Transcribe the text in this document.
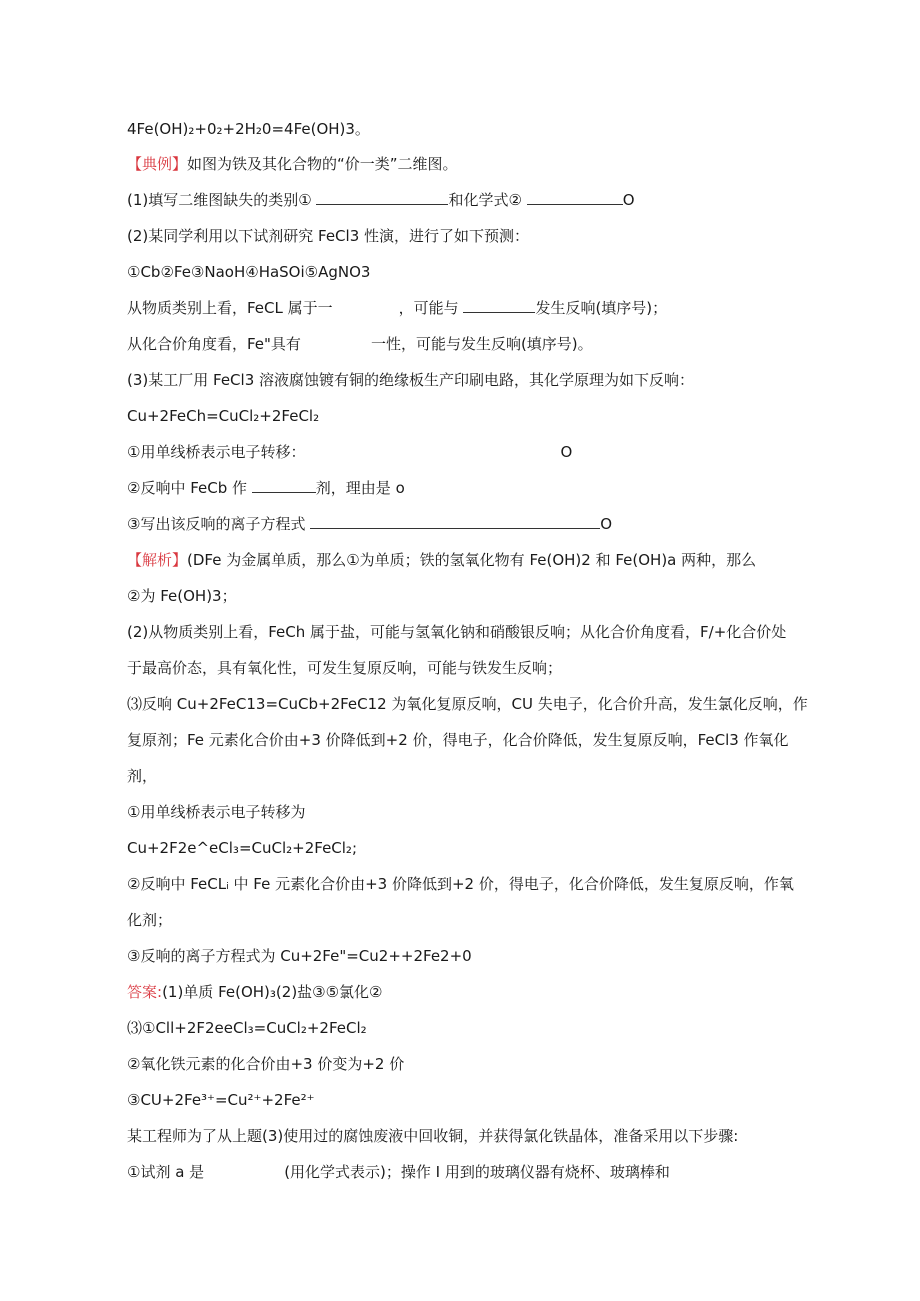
4Fe(OH)₂+0₂+2H₂0=4Fe(OH)3。
【典例】如图为铁及其化合物的“价一类”二维图。
(1)填写二维图缺失的类别①	和化学式②	O
(2)某同学利用以下试剂研究 FeCl3 性演，进行了如下预测：
①Cb②Fe③NaoH④HaSOi⑤AgNO3
从物质类别上看，FeCL 属于一	，可能与	发生反响(填序号)；
从化合价角度看，Fe"具有	一性，可能与发生反响(填序号)。
(3)某工厂用 FeCl3 溶液腐蚀镀有铜的绝缘板生产印刷电路，其化学原理为如下反响：
Cu+2FeCh=CuCl₂+2FeCl₂
①用单线桥表示电子转移：	O
②反响中 FeCb 作	剂，理由是 o
③写出该反响的离子方程式	O
【解析】(DFe 为金属单质，那么①为单质；铁的氢氧化物有 Fe(OH)2 和 Fe(OH)a 两种，那么
②为 Fe(OH)3；
(2)从物质类别上看，FeCh 属于盐，可能与氢氧化钠和硝酸银反响；从化合价角度看，F/+化合价处
于最高价态，具有氧化性，可发生复原反响，可能与铁发生反响；
⑶反响 Cu+2FeC13=CuCb+2FeC12 为氧化复原反响，CU 失电子，化合价升高，发生氯化反响，作
复原剂；Fe 元素化合价由+3 价降低到+2 价，得电子，化合价降低，发生复原反响，FeCl3 作氧化
剂，
①用单线桥表示电子转移为
Cu+2F2e^eCl₃=CuCl₂+2FeCl₂;
②反响中 FeCLᵢ 中 Fe 元素化合价由+3 价降低到+2 价，得电子，化合价降低，发生复原反响，作氧
化剂；
③反响的离子方程式为 Cu+2Fe"=Cu2++2Fe2+0
答案:(1)单质 Fe(OH)₃(2)盐③⑤氯化②
⑶①Cll+2F2eeCl₃=CuCl₂+2FeCl₂
②氧化铁元素的化合价由+3 价变为+2 价
③CU+2Fe³⁺=Cu²⁺+2Fe²⁺
某工程师为了从上题(3)使用过的腐蚀废液中回收铜，并获得氯化铁晶体，准备采用以下步骤:
①试剂 a 是	(用化学式表示)；操作 I 用到的玻璃仪器有烧杯、玻璃棒和
